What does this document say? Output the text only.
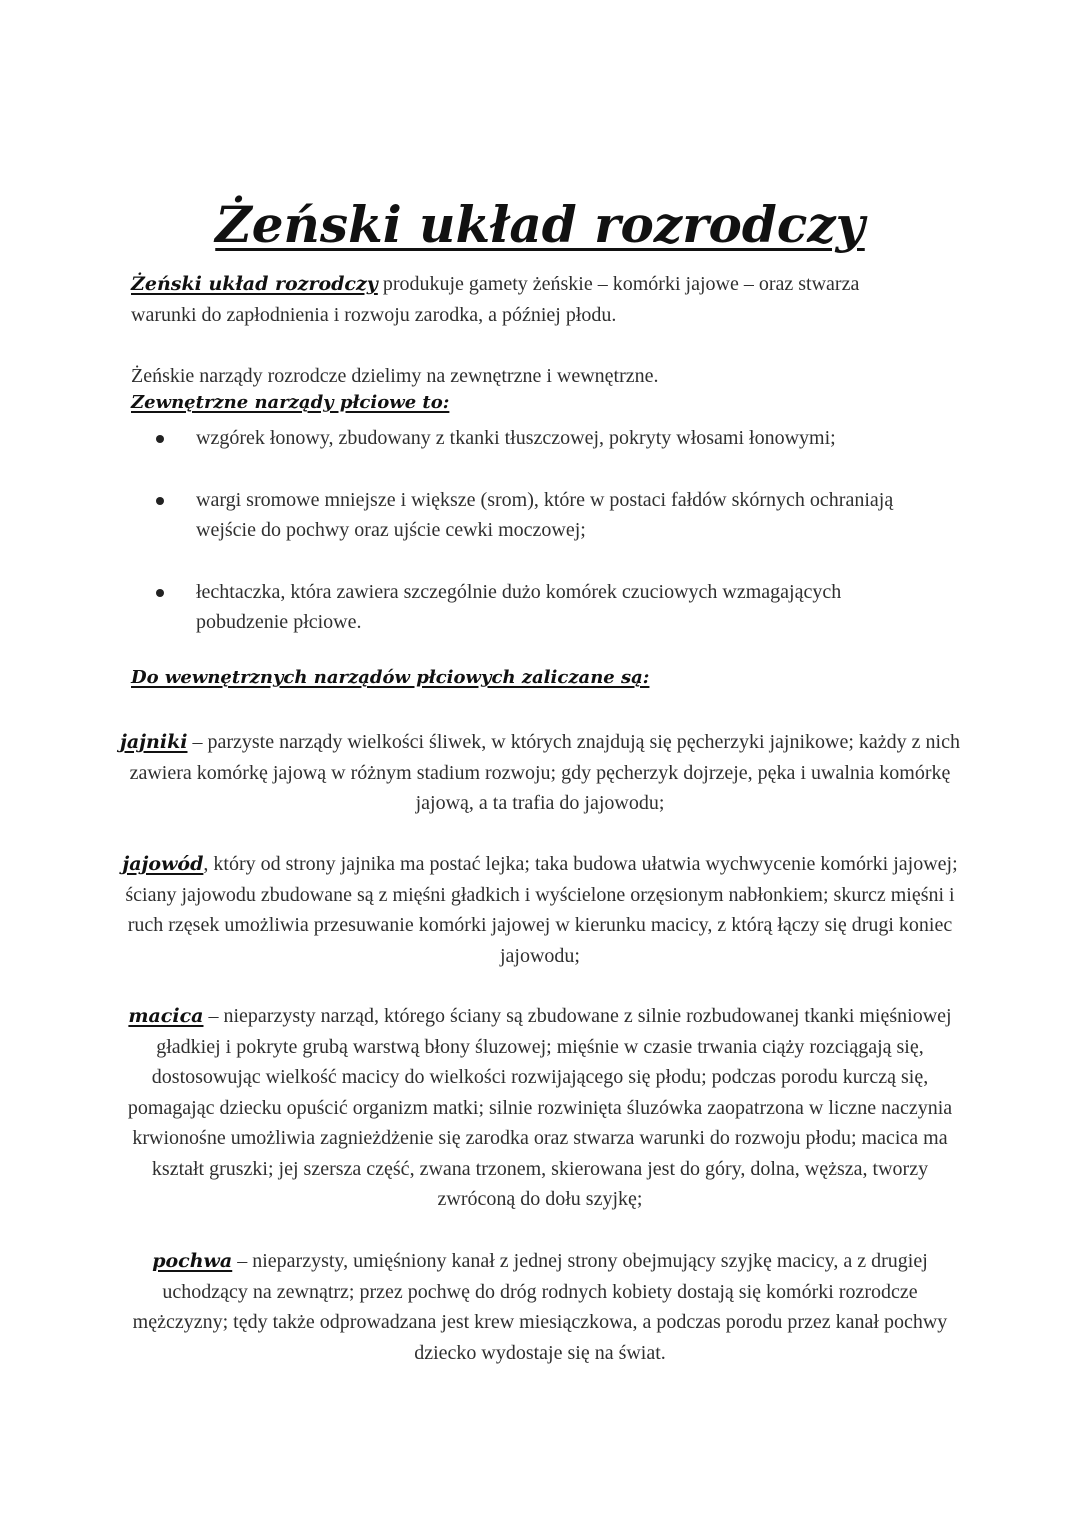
Żeński układ rozrodczy

Żeński układ rozrodczy produkuje gamety żeńskie – komórki jajowe – oraz stwarza warunki do zapłodnienia i rozwoju zarodka, a później płodu.

Żeńskie narządy rozrodcze dzielimy na zewnętrzne i wewnętrzne.

Zewnętrzne narządy płciowe to:

wzgórek łonowy, zbudowany z tkanki tłuszczowej, pokryty włosami łonowymi;
wargi sromowe mniejsze i większe (srom), które w postaci fałdów skórnych ochraniają wejście do pochwy oraz ujście cewki moczowej;
łechtaczka, która zawiera szczególnie dużo komórek czuciowych wzmagających pobudzenie płciowe.

Do wewnętrznych narządów płciowych zaliczane są:

jajniki – parzyste narządy wielkości śliwek, w których znajdują się pęcherzyki jajnikowe; każdy z nich zawiera komórkę jajową w różnym stadium rozwoju; gdy pęcherzyk dojrzeje, pęka i uwalnia komórkę jajową, a ta trafia do jajowodu;

jajowód, który od strony jajnika ma postać lejka; taka budowa ułatwia wychwycenie komórki jajowej; ściany jajowodu zbudowane są z mięśni gładkich i wyścielone orzęsionym nabłonkiem; skurcz mięśni i ruch rzęsek umożliwia przesuwanie komórki jajowej w kierunku macicy, z którą łączy się drugi koniec jajowodu;

macica – nieparzysty narząd, którego ściany są zbudowane z silnie rozbudowanej tkanki mięśniowej gładkiej i pokryte grubą warstwą błony śluzowej; mięśnie w czasie trwania ciąży rozciągają się, dostosowując wielkość macicy do wielkości rozwijającego się płodu; podczas porodu kurczą się, pomagając dziecku opuścić organizm matki; silnie rozwinięta śluzówka zaopatrzona w liczne naczynia krwionośne umożliwia zagnieżdżenie się zarodka oraz stwarza warunki do rozwoju płodu; macica ma kształt gruszki; jej szersza część, zwana trzonem, skierowana jest do góry, dolna, węższa, tworzy zwróconą do dołu szyjkę;

pochwa – nieparzysty, umięśniony kanał z jednej strony obejmujący szyjkę macicy, a z drugiej uchodzący na zewnątrz; przez pochwę do dróg rodnych kobiety dostają się komórki rozrodcze mężczyzny; tędy także odprowadzana jest krew miesiączkowa, a podczas porodu przez kanał pochwy dziecko wydostaje się na świat.
